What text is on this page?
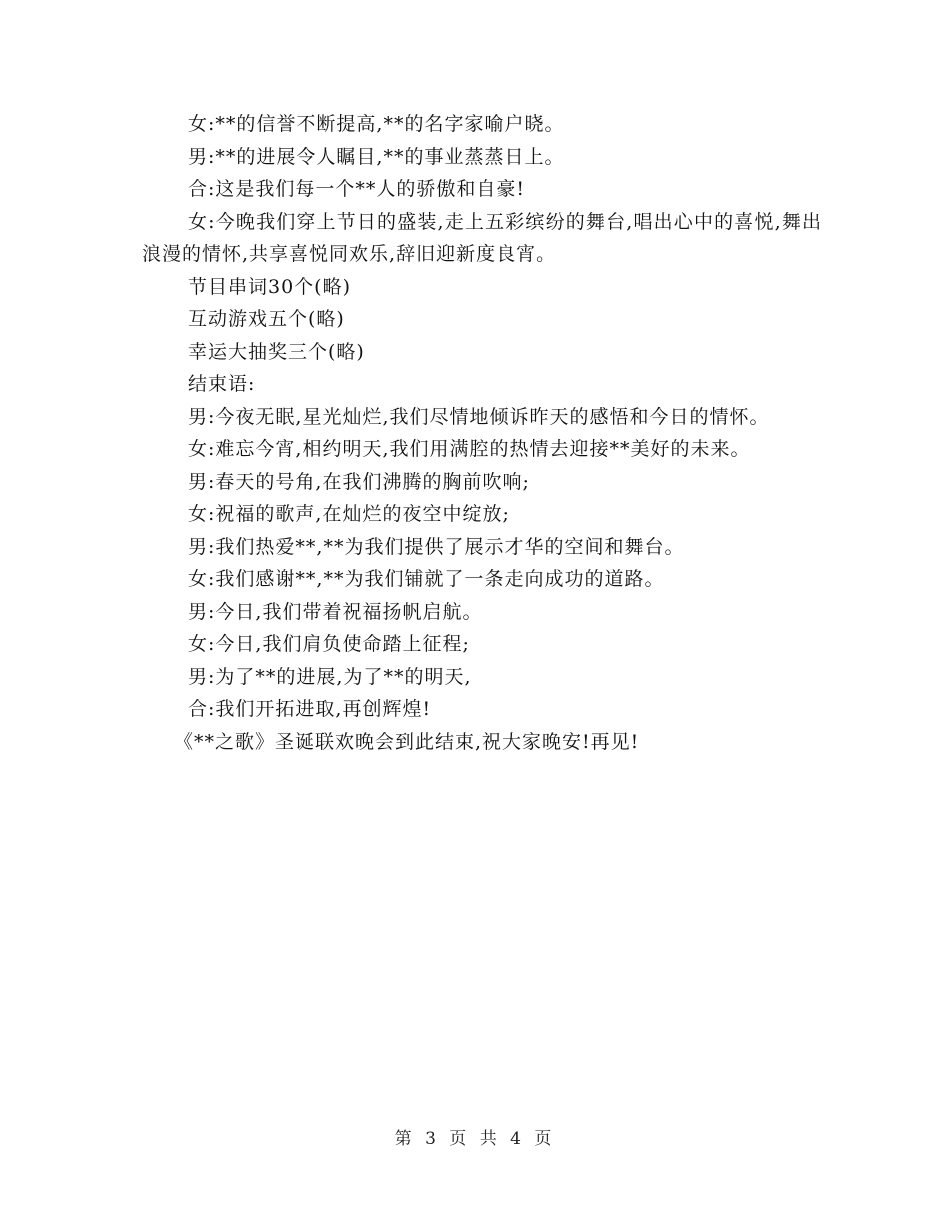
女:**的信誉不断提高,**的名字家喻户晓。

男:**的进展令人瞩目,**的事业蒸蒸日上。

合:这是我们每一个**人的骄傲和自豪!

女:今晚我们穿上节日的盛装,走上五彩缤纷的舞台,唱出心中的喜悦,舞出浪漫的情怀,共享喜悦同欢乐,辞旧迎新度良宵。

节目串词30个(略)

互动游戏五个(略)

幸运大抽奖三个(略)

结束语:

男:今夜无眠,星光灿烂,我们尽情地倾诉昨天的感悟和今日的情怀。

女:难忘今宵,相约明天,我们用满腔的热情去迎接**美好的未来。

男:春天的号角,在我们沸腾的胸前吹响;

女:祝福的歌声,在灿烂的夜空中绽放;

男:我们热爱**,**为我们提供了展示才华的空间和舞台。

女:我们感谢**,**为我们铺就了一条走向成功的道路。

男:今日,我们带着祝福扬帆启航。

女:今日,我们肩负使命踏上征程;

男:为了**的进展,为了**的明天,

合:我们开拓进取,再创辉煌!

《**之歌》圣诞联欢晚会到此结束,祝大家晚安!再见!

第 3 页 共 4 页
